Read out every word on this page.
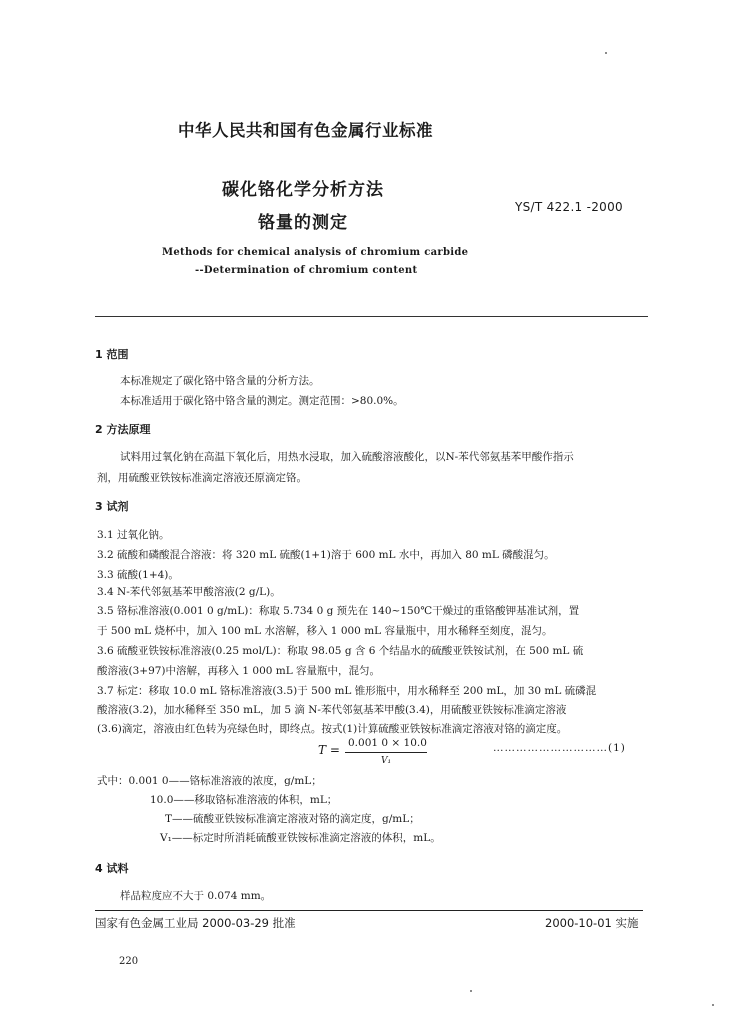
中华人民共和国有色金属行业标准
碳化铬化学分析方法
铬量的测定
YS/T 422.1 -2000
Methods for chemical analysis of chromium carbide
--Determination of chromium content
1 范围
本标准规定了碳化铬中铬含量的分析方法。
本标准适用于碳化铬中铬含量的测定。测定范围：>80.0%。
2 方法原理
试料用过氧化钠在高温下氧化后，用热水浸取，加入硫酸溶液酸化，以N-苯代邻氨基苯甲酸作指示
剂，用硫酸亚铁铵标准滴定溶液还原滴定铬。
3 试剂
3.1 过氧化钠。
3.2 硫酸和磷酸混合溶液：将 320 mL 硫酸(1+1)溶于 600 mL 水中，再加入 80 mL 磷酸混匀。
3.3 硫酸(1+4)。
3.4 N-苯代邻氨基苯甲酸溶液(2 g/L)。
3.5 铬标准溶液(0.001 0 g/mL)：称取 5.734 0 g 预先在 140~150℃干燥过的重铬酸钾基准试剂，置
于 500 mL 烧杯中，加入 100 mL 水溶解，移入 1 000 mL 容量瓶中，用水稀释至刻度，混匀。
3.6 硫酸亚铁铵标准溶液(0.25 mol/L)：称取 98.05 g 含 6 个结晶水的硫酸亚铁铵试剂，在 500 mL 硫
酸溶液(3+97)中溶解，再移入 1 000 mL 容量瓶中，混匀。
3.7 标定：移取 10.0 mL 铬标准溶液(3.5)于 500 mL 锥形瓶中，用水稀释至 200 mL，加 30 mL 硫磷混
酸溶液(3.2)，加水稀释至 350 mL，加 5 滴 N-苯代邻氨基苯甲酸(3.4)，用硫酸亚铁铵标准滴定溶液
(3.6)滴定，溶液由红色转为亮绿色时，即终点。按式(1)计算硫酸亚铁铵标准滴定溶液对铬的滴定度。
T = 0.001 0 × 10.0
V₁
…………………………(1)
式中：0.001 0——铬标准溶液的浓度，g/mL；
10.0——移取铬标准溶液的体积，mL；
T——硫酸亚铁铵标准滴定溶液对铬的滴定度，g/mL；
V₁——标定时所消耗硫酸亚铁铵标准滴定溶液的体积，mL。
4 试料
样品粒度应不大于 0.074 mm。
国家有色金属工业局 2000-03-29 批准	2000-10-01 实施
220
